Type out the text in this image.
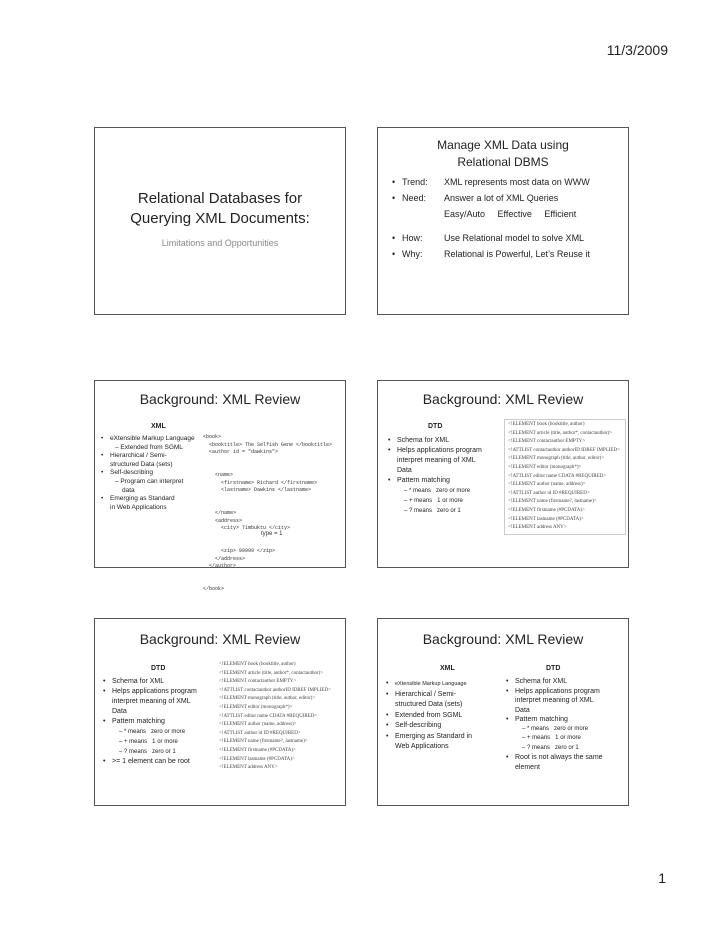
11/3/2009
Relational Databases for
Querying XML Documents:
Limitations and Opportunities
Manage XML Data using
Relational DBMS
• Trend:	XML represents most data on WWW
• Need:	Answer a lot of XML Queries
Easy/Auto     Effective     Efficient
• How:	Use Relational model to solve XML
• Why:	Relational is Powerful, Let’s Reuse it
Background: XML Review
XML
•	eXtensible Markup Language
– Extended from SGML
•	Hierarchical / Semi-
structured Data (sets)
•	Self-describing
– Program can interpret
data
•	Emerging as Standard
in Web Applications

<book>
<booktitle> The Selfish Gene </booktitle>
<author id = "dawkins">

<name>
<firstname> Richard </firstname>
<lastname> Dawkins </lastname>

</name>
<address>
<city> Timbuktu </city>

<zip> 99999 </zip>
</address>
</author>

</book>

type = 1
Background: XML Review
DTD
• Schema for XML
• Helps applications program
interpret meaning of XML
Data
• Pattern matching
– * means   zero or more
– + means   1 or more
– ? means   zero or 1
<!ELEMENT book (booktitle, author)
<!ELEMENT article (title, author*, contactauthor)>
<!ELEMENT contactauthor EMPTY>
<!ATTLIST contactauthor authorID IDREF IMPLIED>
<!ELEMENT monograph (title, author, editor)>
<!ELEMENT editor (monograph*)>
<!ATTLIST editor name CDATA #REQUIRED>
<!ELEMENT author (name, address)>
<!ATTLIST author id ID #REQUIRED>
<!ELEMENT name (firstname?, lastname)>
<!ELEMENT firstname (#PCDATA)>
<!ELEMENT lastname (#PCDATA)>
<!ELEMENT address ANY>
Background: XML Review
DTD
• Schema for XML
• Helps applications program
interpret meaning of XML
Data
• Pattern matching
– * means   zero or more
– + means   1 or more
– ? means   zero or 1
• >= 1 element can be root
<!ELEMENT book (booktitle, author)
<!ELEMENT article (title, author*, contactauthor)>
<!ELEMENT contactauthor EMPTY>
<!ATTLIST contactauthor authorID IDREF IMPLIED>
<!ELEMENT monograph (title, author, editor)>
<!ELEMENT editor (monograph*)>
<!ATTLIST editor name CDATA #REQUIRED>
<!ELEMENT author (name, address)>
<!ATTLIST author id ID #REQUIRED>
<!ELEMENT name (firstname?, lastname)>
<!ELEMENT firstname (#PCDATA)>
<!ELEMENT lastname (#PCDATA)>
<!ELEMENT address ANY>
Background: XML Review
XML	DTD
•	eXtensible Markup Language
• Hierarchical / Semi-
structured Data (sets)
• Extended from SGML
• Self-describing
• Emerging as Standard in
Web Applications
• Schema for XML
• Helps applications program
interpret meaning of XML
Data
• Pattern matching
– * means   zero or more
– + means   1 or more
– ? means   zero or 1
• Root is not always the same
element
1
